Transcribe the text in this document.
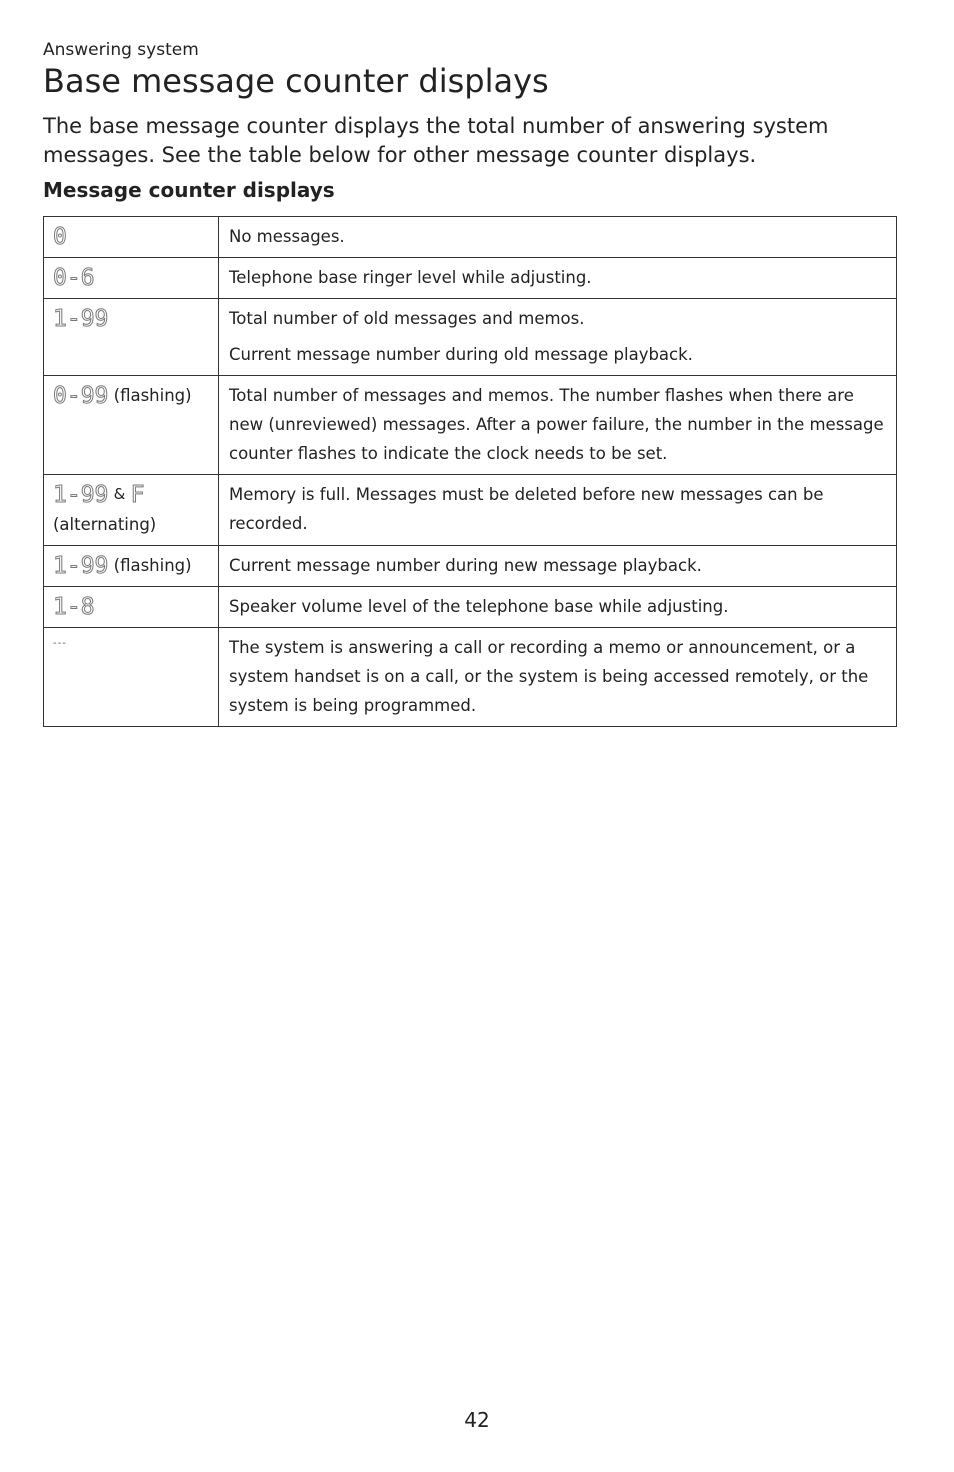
Answering system
Base message counter displays
The base message counter displays the total number of answering system messages. See the table below for other message counter displays.
Message counter displays
0	No messages.

0-6	Telephone base ringer level while adjusting.

1-99	Total number of old messages and memos.
Current message number during old message playback.

0-99 (flashing)	Total number of messages and memos. The number flashes when there are new (unreviewed) messages. After a power failure, the number in the message counter flashes to indicate the clock needs to be set.

1-99 & F
(alternating)	Memory is full. Messages must be deleted before new messages can be recorded.

1-99 (flashing)	Current message number during new message playback.

1-8	Speaker volume level of the telephone base while adjusting.

---	The system is answering a call or recording a memo or announcement, or a system handset is on a call, or the system is being accessed remotely, or the system is being programmed.
42
